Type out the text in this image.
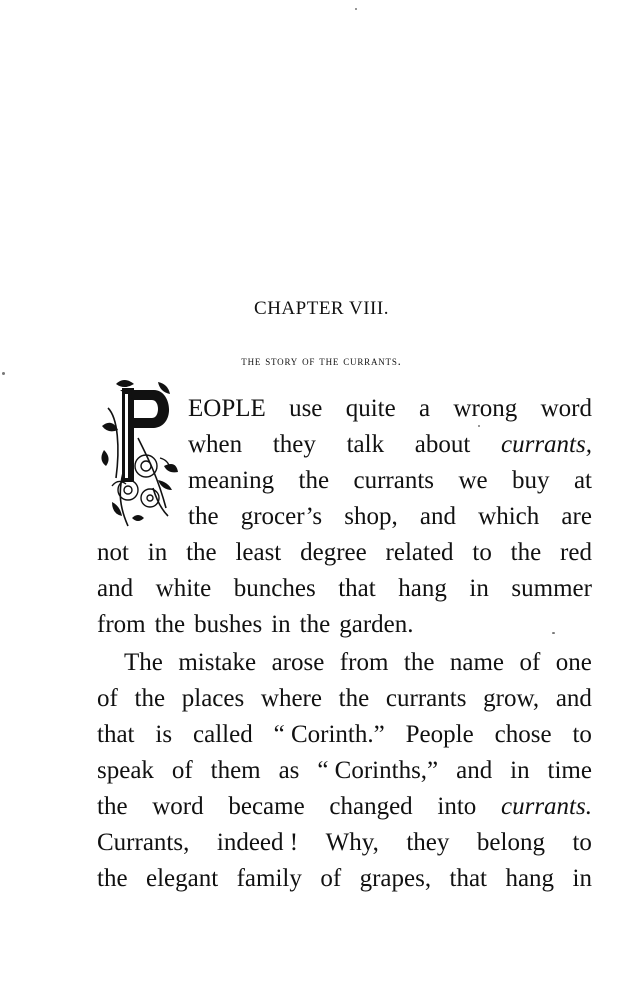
CHAPTER VIII.
the story of the currants.
EOPLE use quite a wrong word
when they talk about currants,
meaning the currants we buy at
the grocer’s shop, and which are
not in the least degree related to the red
and white bunches that hang in summer
from the bushes in the garden.
The mistake arose from the name of one
of the places where the currants grow, and
that is called “ Corinth.” People chose to
speak of them as “ Corinths,” and in time
the word became changed into currants.
Currants, indeed ! Why, they belong to
the elegant family of grapes, that hang in
